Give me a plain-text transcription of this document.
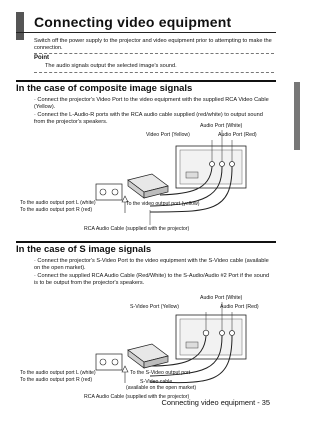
Connecting video equipment
Switch off the power supply to the projector and video equipment prior to attempting to make the connection.
Point
The audio signals output the selected image's sound.
In the case of composite image signals
· Connect the projector's Video Port to the video equipment with the supplied RCA Video Cable (Yellow).
· Connect the L-Audio-R ports with the RCA audio cable supplied (red/white) to output sound from the projector's speakers.
Audio Port (White)
Video Port (Yellow)	Audio Port (Red)
To the audio output port L (white)
To the audio output port R (red)
To the video output port (yellow)
RCA Audio Cable (supplied with the projector)
In the case of S image signals
· Connect the projector's S-Video Port to the video equipment with the S-Video cable (available on the open market).
· Connect the supplied RCA Audio Cable (Red/White) to the S-Audio/Audio #2 Port if the sound is to be output from the projector's speakers.
Audio Port (White)
S-Video Port (Yellow)	Audio Port (Red)
To the audio output port L (white)
To the audio output port R (red)
To the S-Video output port
S-Video cable
(available on the open market)
RCA Audio Cable (supplied with the projector)
Connecting video equipment - 35
